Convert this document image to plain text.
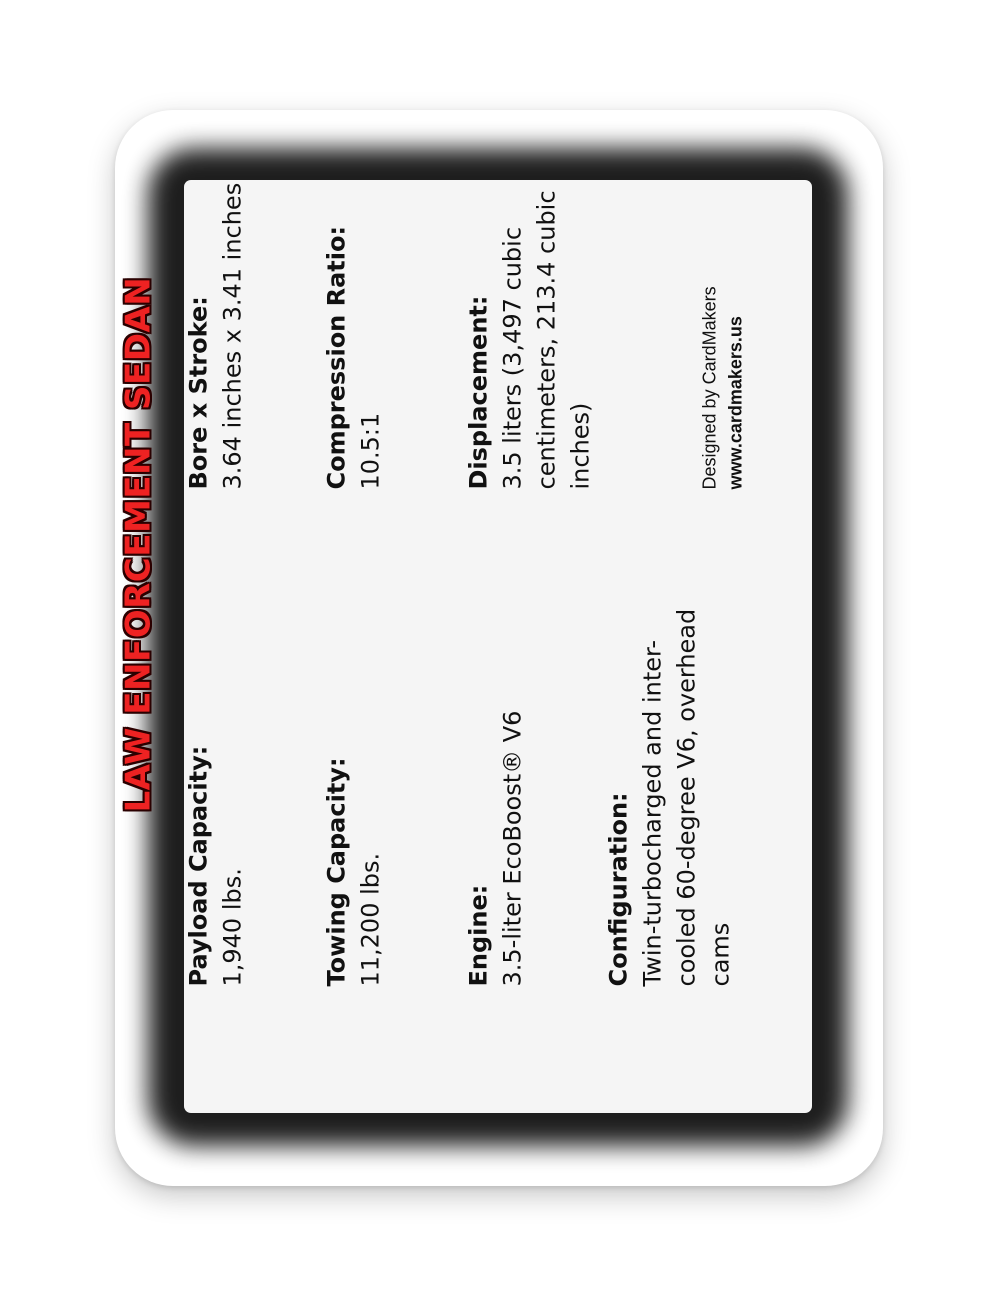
LAW ENFORCEMENT SEDAN
Payload Capacity: 1,940 lbs.	Towing Capacity: 11,200 lbs.	Engine: 3.5-liter EcoBoost® V6	Configuration: Twin-turbocharged and inter-cooled 60-degree V6, overhead cams
Bore x Stroke: 3.64 inches x 3.41 inches	Compression Ratio: 10.5:1	Displacement: 3.5 liters (3,497 cubic centimeters, 213.4 cubic inches)	Designed by CardMakers www.cardmakers.us
